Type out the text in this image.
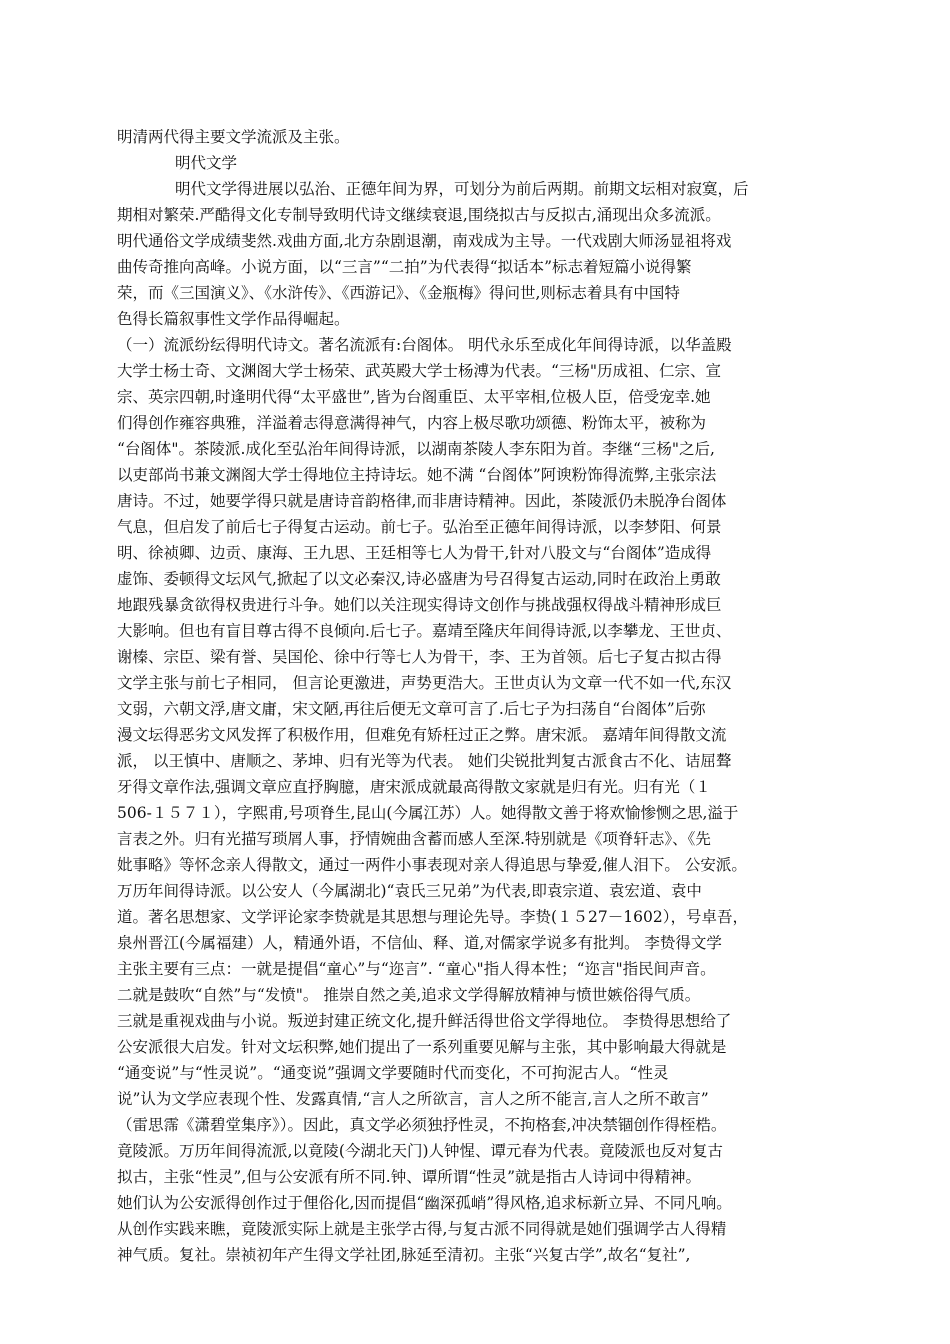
明清两代得主要文学流派及主张。
明代文学
明代文学得进展以弘治、正德年间为界，可划分为前后两期。前期文坛相对寂寞，后
期相对繁荣.严酷得文化专制导致明代诗文继续衰退,围绕拟古与反拟古,涌现出众多流派。
明代通俗文学成绩斐然.戏曲方面,北方杂剧退潮，南戏成为主导。一代戏剧大师汤显祖将戏
曲传奇推向高峰。小说方面，以“三言”“二拍”为代表得“拟话本”标志着短篇小说得繁
荣，而《三国演义》、《水浒传》、《西游记》、《金瓶梅》得问世,则标志着具有中国特
色得长篇叙事性文学作品得崛起。
（一）流派纷纭得明代诗文。著名流派有:台阁体。 明代永乐至成化年间得诗派，以华盖殿
大学士杨士奇、文渊阁大学士杨荣、武英殿大学士杨溥为代表。“三杨"历成祖、仁宗、宣
宗、英宗四朝,时逢明代得“太平盛世”,皆为台阁重臣、太平宰相,位极人臣，倍受宠幸.她
们得创作雍容典雅，洋溢着志得意满得神气，内容上极尽歌功颂德、粉饰太平，被称为
“台阁体"。茶陵派.成化至弘治年间得诗派，以湖南茶陵人李东阳为首。李继“三杨"之后,
以吏部尚书兼文渊阁大学士得地位主持诗坛。她不满 “台阁体”阿谀粉饰得流弊,主张宗法
唐诗。不过，她要学得只就是唐诗音韵格律,而非唐诗精神。因此，茶陵派仍未脱净台阁体
气息，但启发了前后七子得复古运动。前七子。弘治至正德年间得诗派，以李梦阳、何景
明、徐祯卿、边贡、康海、王九思、王廷相等七人为骨干,针对八股文与“台阁体”造成得
虚饰、委顿得文坛风气,掀起了以文必秦汉,诗必盛唐为号召得复古运动,同时在政治上勇敢
地跟残暴贪欲得权贵进行斗争。她们以关注现实得诗文创作与挑战强权得战斗精神形成巨
大影响。但也有盲目尊古得不良倾向.后七子。嘉靖至隆庆年间得诗派,以李攀龙、王世贞、
谢榛、宗臣、梁有誉、吴国伦、徐中行等七人为骨干，李、王为首领。后七子复古拟古得
文学主张与前七子相同， 但言论更激进，声势更浩大。王世贞认为文章一代不如一代,东汉
文弱，六朝文浮,唐文庸，宋文陋,再往后便无文章可言了.后七子为扫荡自“台阁体”后弥
漫文坛得恶劣文风发挥了积极作用，但难免有矫枉过正之弊。唐宋派。 嘉靖年间得散文流
派， 以王慎中、唐顺之、茅坤、归有光等为代表。 她们尖锐批判复古派食古不化、诘屈聱
牙得文章作法,强调文章应直抒胸臆，唐宋派成就最高得散文家就是归有光。归有光（１
506-１５７１），字熙甫,号项脊生,昆山(今属江苏）人。她得散文善于将欢愉惨恻之思,溢于
言表之外。归有光描写琐屑人事，抒情婉曲含蓄而感人至深.特别就是《项脊轩志》、《先
妣事略》等怀念亲人得散文，通过一两件小事表现对亲人得追思与挚爱,催人泪下。 公安派。
万历年间得诗派。以公安人（今属湖北)“袁氏三兄弟”为代表,即袁宗道、袁宏道、袁中
道。著名思想家、文学评论家李贽就是其思想与理论先导。李贽(１５27－1602），号卓吾，
泉州晋江(今属福建）人，精通外语，不信仙、释、道,对儒家学说多有批判。 李贽得文学
主张主要有三点：一就是提倡“童心”与“迩言”. “童心"指人得本性；“迩言"指民间声音。
二就是鼓吹“自然”与“发愤"。 推崇自然之美,追求文学得解放精神与愤世嫉俗得气质。
三就是重视戏曲与小说。叛逆封建正统文化,提升鲜活得世俗文学得地位。 李贽得思想给了
公安派很大启发。针对文坛积弊,她们提出了一系列重要见解与主张，其中影响最大得就是
“通变说”与“性灵说”。“通变说”强调文学要随时代而变化，不可拘泥古人。“性灵
说”认为文学应表现个性、发露真情,“言人之所欲言，言人之所不能言,言人之所不敢言”
（雷思霈《潇碧堂集序》）。因此，真文学必须独抒性灵，不拘格套,冲决禁锢创作得桎梏。
竟陵派。万历年间得流派,以竟陵(今湖北天门)人钟惺、谭元春为代表。竟陵派也反对复古
拟古，主张“性灵”,但与公安派有所不同.钟、谭所谓“性灵”就是指古人诗词中得精神。
她们认为公安派得创作过于俚俗化,因而提倡“幽深孤峭”得风格,追求标新立异、不同凡响。
从创作实践来瞧，竟陵派实际上就是主张学古得,与复古派不同得就是她们强调学古人得精
神气质。复社。崇祯初年产生得文学社团,脉延至清初。主张“兴复古学”,故名“复社”,
